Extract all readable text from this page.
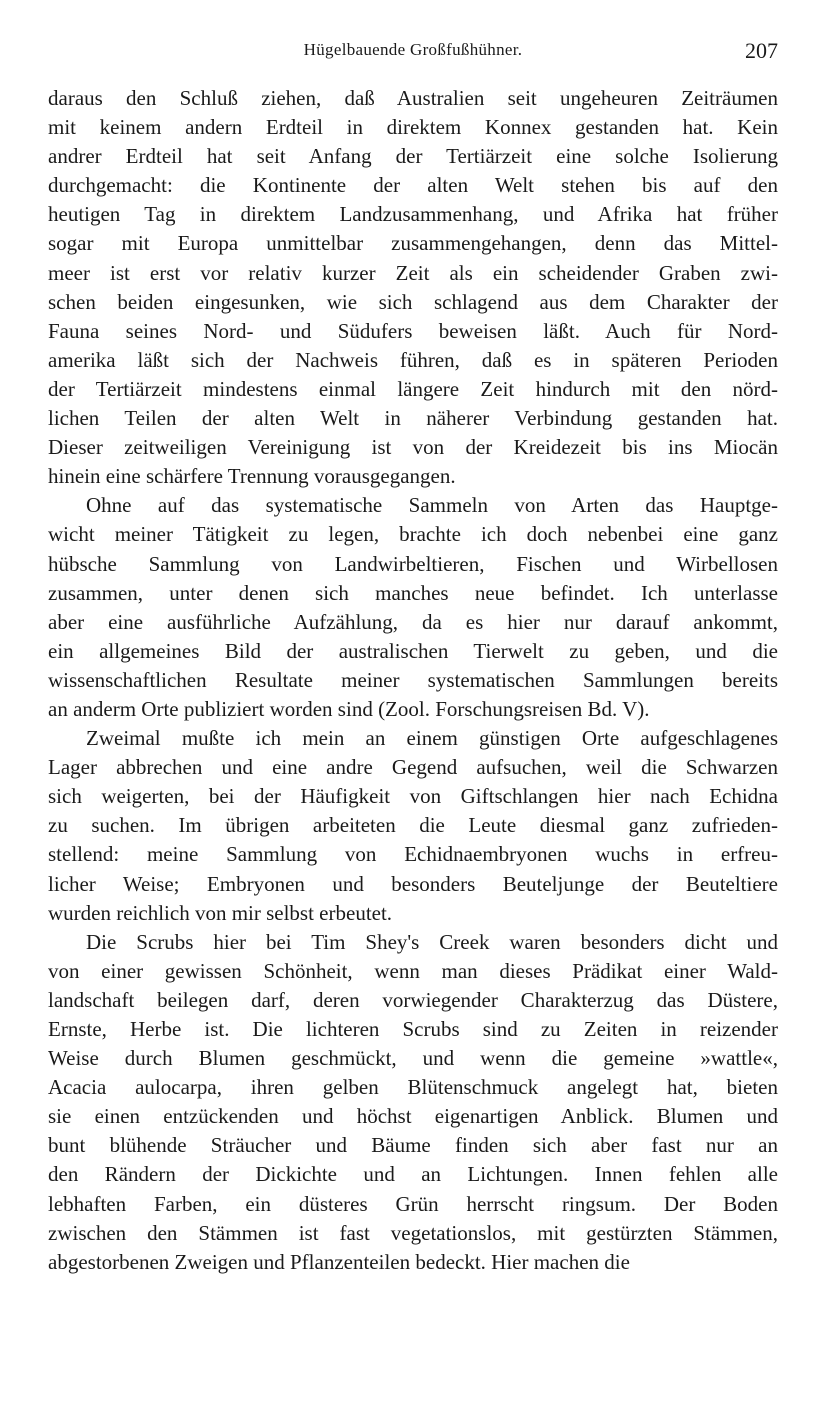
Hügelbauende Großfußhühner.	207
daraus den Schluß ziehen, daß Australien seit ungeheuren Zeiträumen
mit keinem andern Erdteil in direktem Konnex gestanden hat. Kein
andrer Erdteil hat seit Anfang der Tertiärzeit eine solche Isolierung
durchgemacht: die Kontinente der alten Welt stehen bis auf den
heutigen Tag in direktem Landzusammenhang, und Afrika hat früher
sogar mit Europa unmittelbar zusammengehangen, denn das Mittel-
meer ist erst vor relativ kurzer Zeit als ein scheidender Graben zwi-
schen beiden eingesunken, wie sich schlagend aus dem Charakter der
Fauna seines Nord- und Südufers beweisen läßt. Auch für Nord-
amerika läßt sich der Nachweis führen, daß es in späteren Perioden
der Tertiärzeit mindestens einmal längere Zeit hindurch mit den nörd-
lichen Teilen der alten Welt in näherer Verbindung gestanden hat.
Dieser zeitweiligen Vereinigung ist von der Kreidezeit bis ins Miocän
hinein eine schärfere Trennung vorausgegangen.
Ohne auf das systematische Sammeln von Arten das Hauptge-
wicht meiner Tätigkeit zu legen, brachte ich doch nebenbei eine ganz
hübsche Sammlung von Landwirbeltieren, Fischen und Wirbellosen
zusammen, unter denen sich manches neue befindet. Ich unterlasse
aber eine ausführliche Aufzählung, da es hier nur darauf ankommt,
ein allgemeines Bild der australischen Tierwelt zu geben, und die
wissenschaftlichen Resultate meiner systematischen Sammlungen bereits
an anderm Orte publiziert worden sind (Zool. Forschungsreisen Bd. V).
Zweimal mußte ich mein an einem günstigen Orte aufgeschlagenes
Lager abbrechen und eine andre Gegend aufsuchen, weil die Schwarzen
sich weigerten, bei der Häufigkeit von Giftschlangen hier nach Echidna
zu suchen. Im übrigen arbeiteten die Leute diesmal ganz zufrieden-
stellend: meine Sammlung von Echidnaembryonen wuchs in erfreu-
licher Weise; Embryonen und besonders Beuteljunge der Beuteltiere
wurden reichlich von mir selbst erbeutet.
Die Scrubs hier bei Tim Shey's Creek waren besonders dicht und
von einer gewissen Schönheit, wenn man dieses Prädikat einer Wald-
landschaft beilegen darf, deren vorwiegender Charakterzug das Düstere,
Ernste, Herbe ist. Die lichteren Scrubs sind zu Zeiten in reizender
Weise durch Blumen geschmückt, und wenn die gemeine »wattle«,
Acacia aulocarpa, ihren gelben Blütenschmuck angelegt hat, bieten
sie einen entzückenden und höchst eigenartigen Anblick. Blumen und
bunt blühende Sträucher und Bäume finden sich aber fast nur an
den Rändern der Dickichte und an Lichtungen. Innen fehlen alle
lebhaften Farben, ein düsteres Grün herrscht ringsum. Der Boden
zwischen den Stämmen ist fast vegetationslos, mit gestürzten Stämmen,
abgestorbenen Zweigen und Pflanzenteilen bedeckt. Hier machen die
